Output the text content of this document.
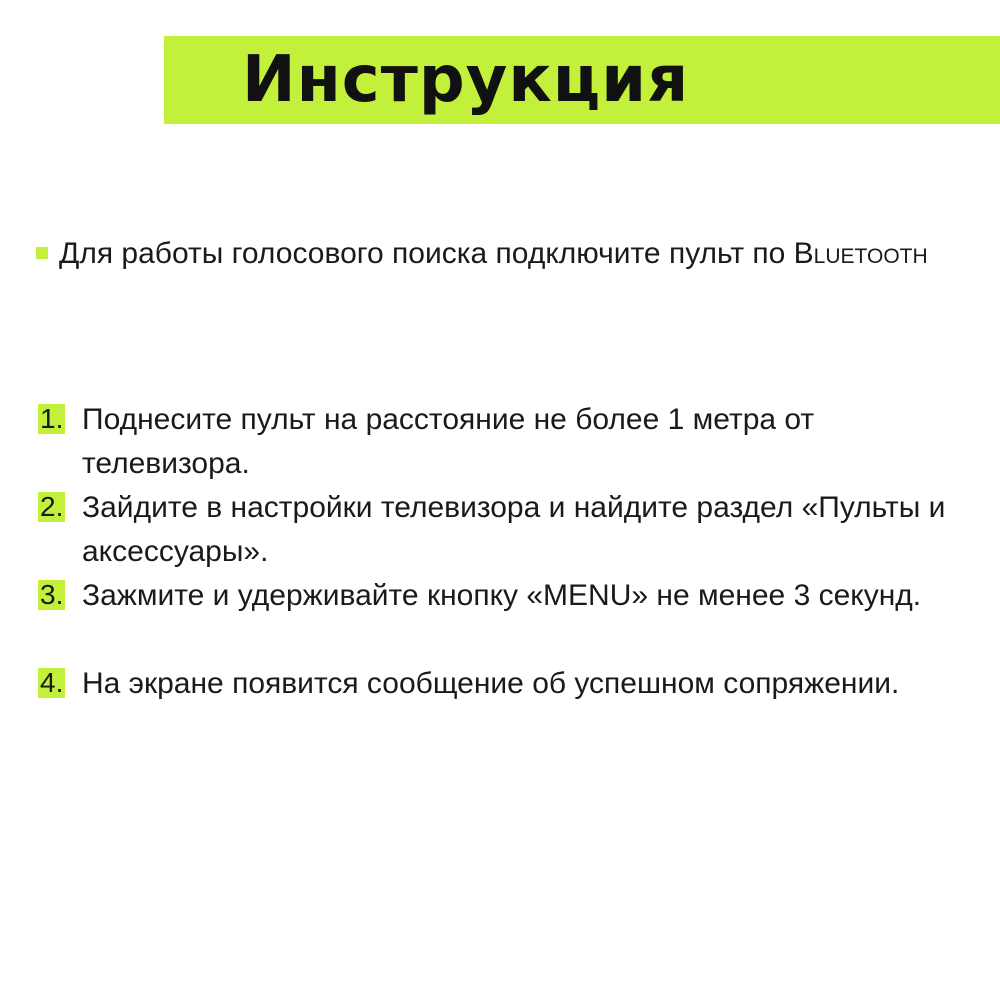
Инструкция

Для работы голосового поиска подключите пульт по Bluetooth

1. Поднесите пульт на расстояние не более 1 метра от телевизора.
2. Зайдите в настройки телевизора и найдите раздел «Пульты и аксессуары».
3. Зажмите и удерживайте кнопку «MENU» не менее 3 секунд.
4. На экране появится сообщение об успешном сопряжении.
